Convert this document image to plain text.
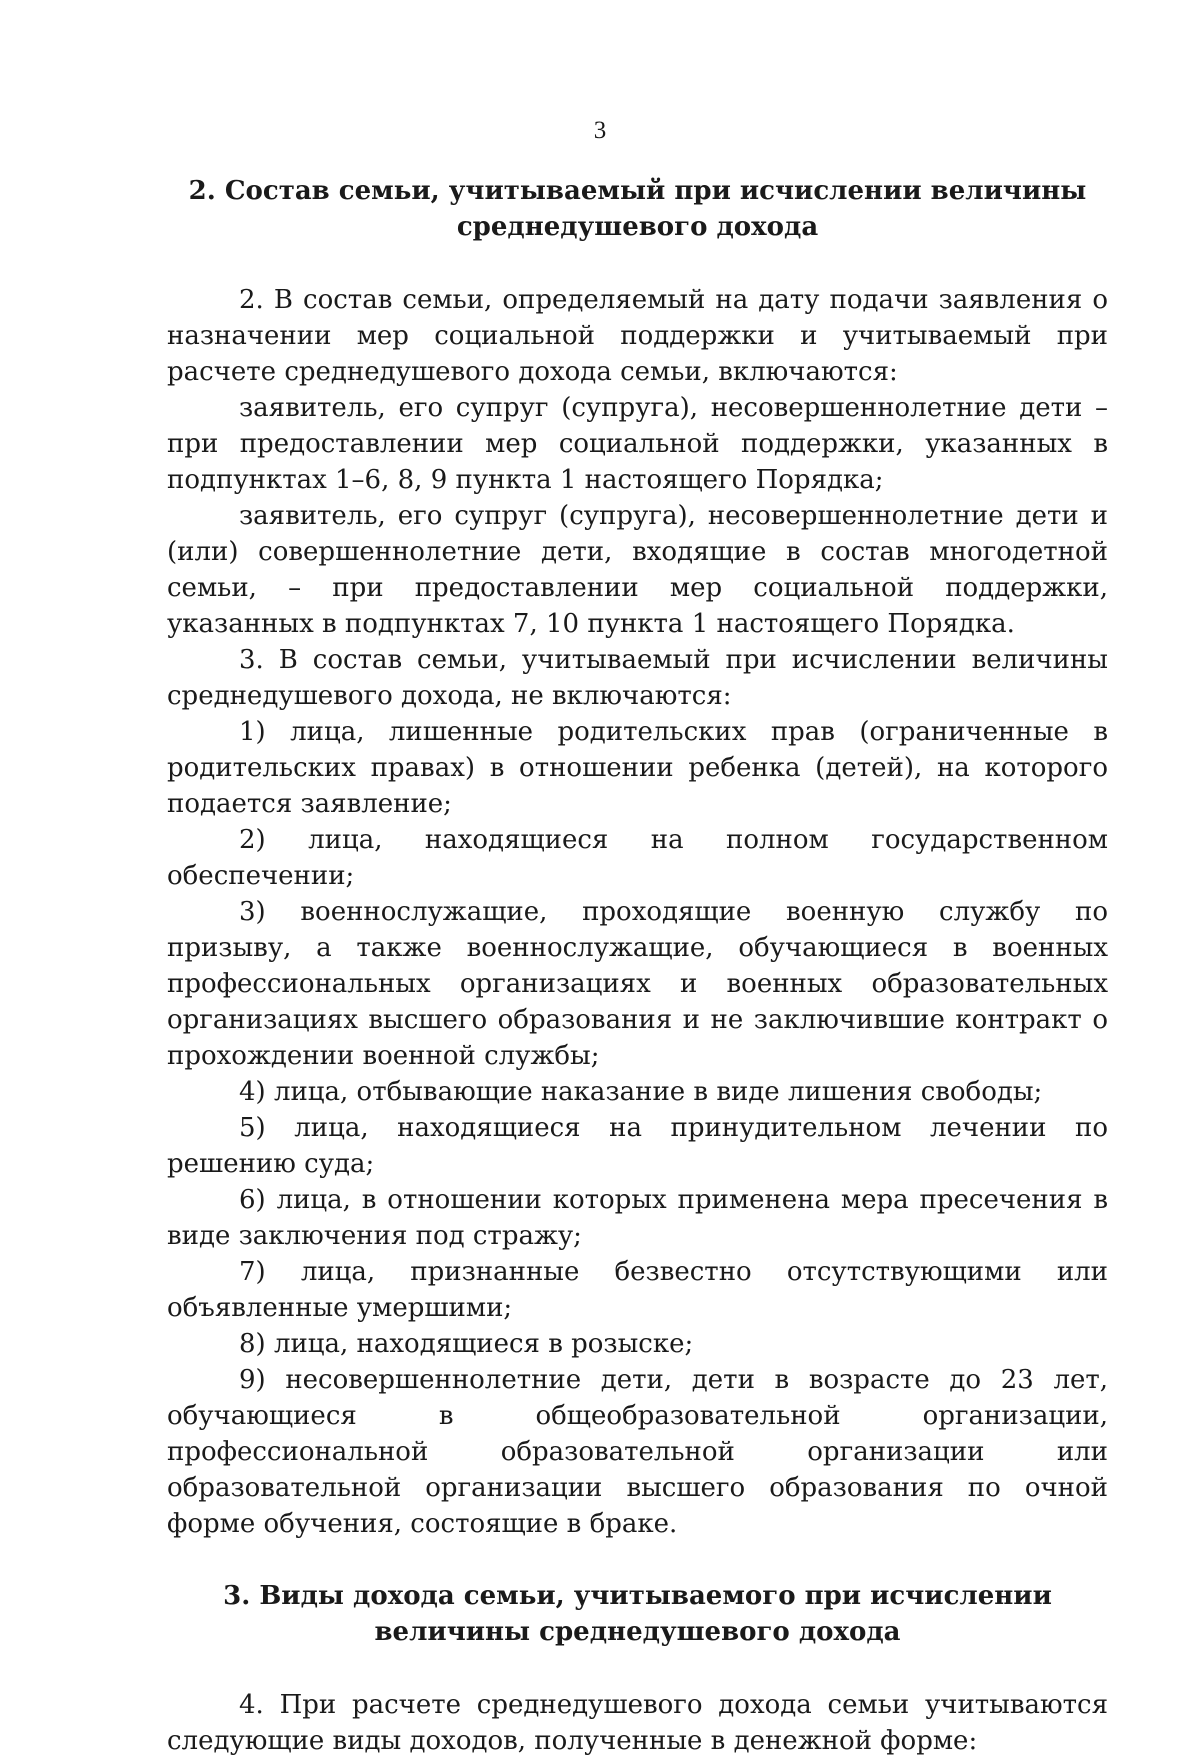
3
2. Состав семьи, учитываемый при исчислении величины
среднедушевого дохода

2. В состав семьи, определяемый на дату подачи заявления о назначении мер социальной поддержки и учитываемый при расчете среднедушевого дохода семьи, включаются:

заявитель, его супруг (супруга), несовершеннолетние дети – при предоставлении мер социальной поддержки, указанных в подпунктах 1–6, 8, 9 пункта 1 настоящего Порядка;

заявитель, его супруг (супруга), несовершеннолетние дети и (или) совершеннолетние дети, входящие в состав многодетной семьи, – при предоставлении мер социальной поддержки, указанных в подпунктах 7, 10 пункта 1 настоящего Порядка.

3. В состав семьи, учитываемый при исчислении величины среднедушевого дохода, не включаются:

1) лица, лишенные родительских прав (ограниченные в родительских правах) в отношении ребенка (детей), на которого подается заявление;

2) лица, находящиеся на полном государственном обеспечении;

3) военнослужащие, проходящие военную службу по призыву, а также военнослужащие, обучающиеся в военных профессиональных организациях и военных образовательных организациях высшего образования и не заключившие контракт о прохождении военной службы;

4) лица, отбывающие наказание в виде лишения свободы;

5) лица, находящиеся на принудительном лечении по решению суда;

6) лица, в отношении которых применена мера пресечения в виде заключения под стражу;

7) лица, признанные безвестно отсутствующими или объявленные умершими;

8) лица, находящиеся в розыске;

9) несовершеннолетние дети, дети в возрасте до 23 лет, обучающиеся в общеобразовательной организации, профессиональной образовательной организации или образовательной организации высшего образования по очной форме обучения, состоящие в браке.

3. Виды дохода семьи, учитываемого при исчислении
величины среднедушевого дохода

4. При расчете среднедушевого дохода семьи учитываются следующие виды доходов, полученные в денежной форме:
